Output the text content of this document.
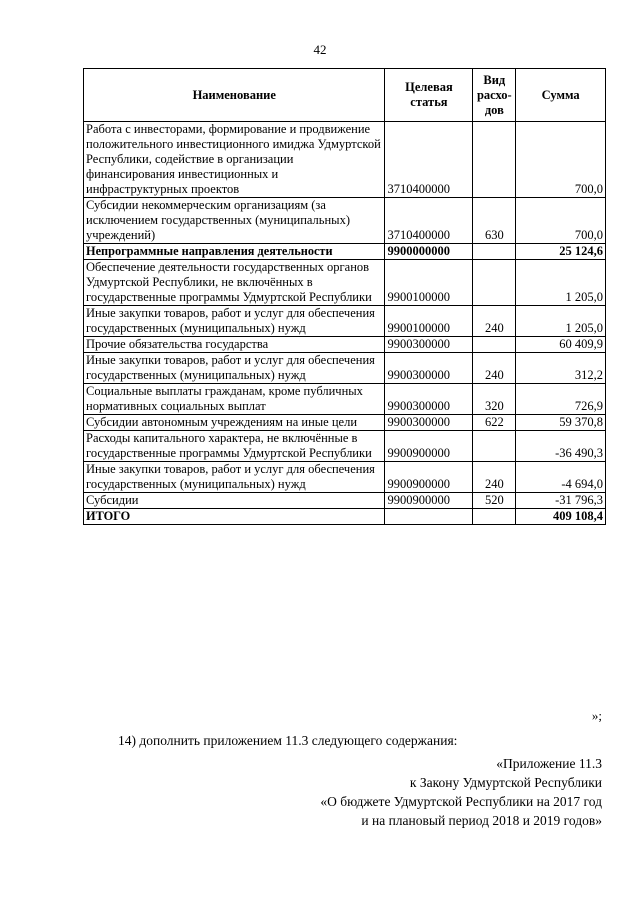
42
Наименование	Целевая статья	Вид расхо-дов	Сумма
Работа с инвесторами, формирование и продвижение положительного инвестиционного имиджа Удмуртской Республики, содействие в организации финансирования инвестиционных и инфраструктурных проектов	3710400000		700,0
Субсидии некоммерческим организациям (за исключением государственных (муниципальных) учреждений)	3710400000	630	700,0
Непрограммные направления деятельности	9900000000		25 124,6
Обеспечение деятельности государственных органов Удмуртской Республики, не включённых в государственные программы Удмуртской Республики	9900100000		1 205,0
Иные закупки товаров, работ и услуг для обеспечения государственных (муниципальных) нужд	9900100000	240	1 205,0
Прочие обязательства государства	9900300000		60 409,9
Иные закупки товаров, работ и услуг для обеспечения государственных (муниципальных) нужд	9900300000	240	312,2
Социальные выплаты гражданам, кроме публичных нормативных социальных выплат	9900300000	320	726,9
Субсидии автономным учреждениям на иные цели	9900300000	622	59 370,8
Расходы капитального характера, не включённые в государственные программы Удмуртской Республики	9900900000		-36 490,3
Иные закупки товаров, работ и услуг для обеспечения государственных (муниципальных) нужд	9900900000	240	-4 694,0
Субсидии	9900900000	520	-31 796,3
ИТОГО			409 108,4
»;
14) дополнить приложением 11.3 следующего содержания:
«Приложение 11.3
к Закону Удмуртской Республики
«О бюджете Удмуртской Республики на 2017 год
и на плановый период 2018 и 2019 годов»
